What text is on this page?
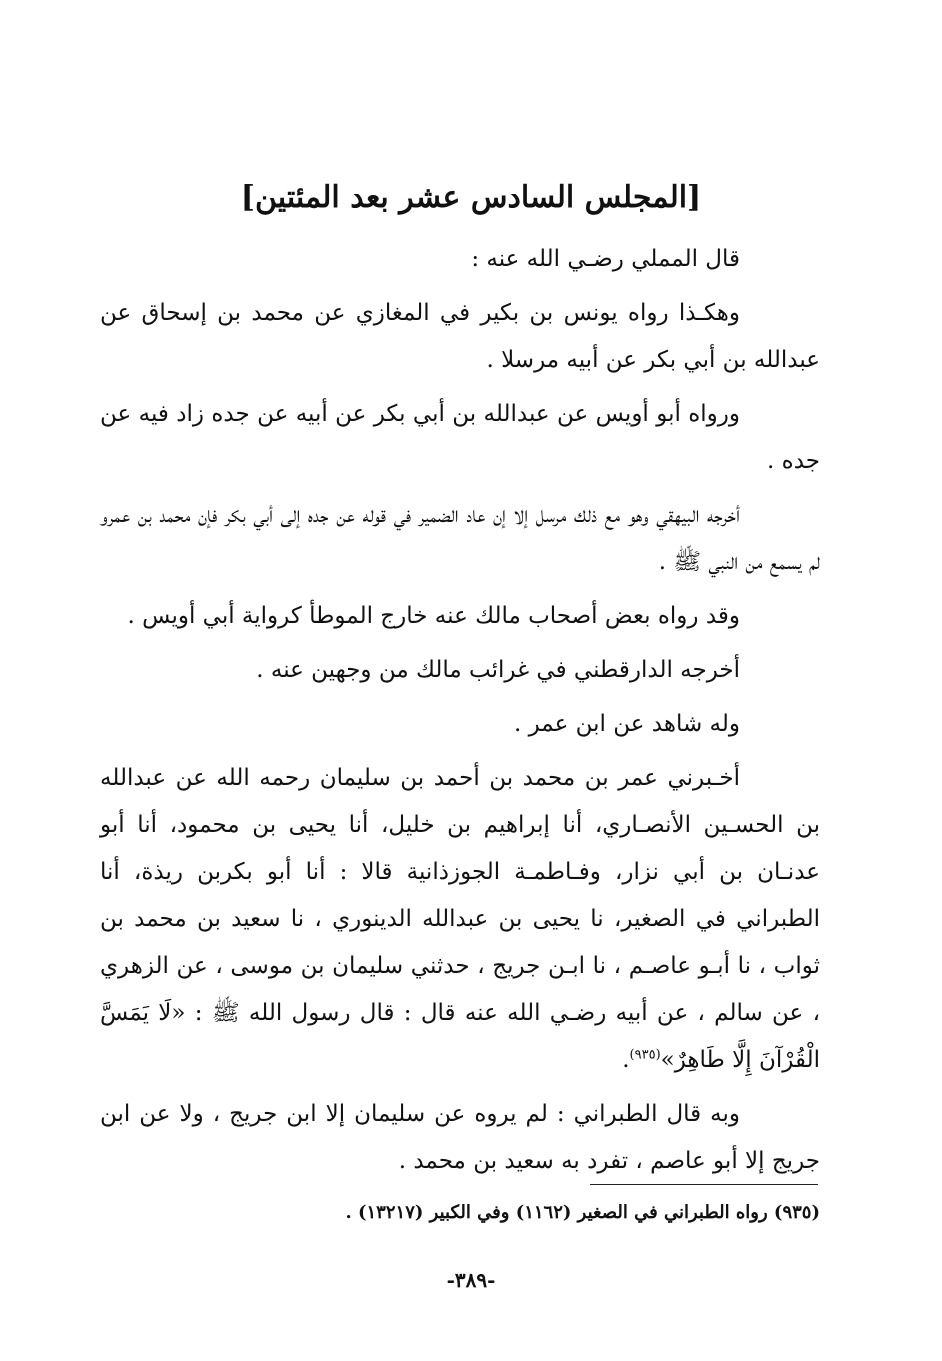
[المجلس السادس عشر بعد المئتين]

قال المملي رضـي الله عنه :

وهكـذا رواه يونس بن بكير في المغازي عن محمد بن إسحاق عن عبدالله بن أبي بكر عن أبيه مرسلا .

ورواه أبو أويس عن عبدالله بن أبي بكر عن أبيه عن جده زاد فيه عن جده .

أخرجه البيهقي وهو مع ذلك مرسل إلا إن عاد الضمير في قوله عن جده إلى أبي بكر فإن محمد بن عمرو لم يسمع من النبي ﷺ .

وقد رواه بعض أصحاب مالك عنه خارج الموطأ كرواية أبي أويس .

أخرجه الدارقطني في غرائب مالك من وجهين عنه .

وله شاهد عن ابن عمر .

أخـبرني عمر بن محمد بن أحمد بن سليمان رحمه الله عن عبدالله بن الحسـين الأنصـاري، أنا إبراهيم بن خليل، أنا يحيى بن محمود، أنا أبو عدنـان بن أبي نزار، وفـاطمـة الجوزذانية قالا : أنا أبو بكربن ريذة، أنا الطبراني في الصغير، نا يحيى بن عبدالله الدينوري ، نا سعيد بن محمد بن ثواب ، نا أبـو عاصـم ، نا ابـن جريج ، حدثني سليمان بن موسى ، عن الزهري ، عن سالم ، عن أبيه رضـي الله عنه قال : قال رسول الله ﷺ : «لَا يَمَسَّ الْقُرْآنَ إِلَّا طَاهِرٌ»$^{(٩٣٥)}$.

وبه قال الطبراني : لم يروه عن سليمان إلا ابن جريج ، ولا عن ابن جريج إلا أبو عاصم ، تفرد به سعيد بن محمد .

(٩٣٥) رواه الطبراني في الصغير (١١٦٢) وفي الكبير (١٣٢١٧) .
-٣٨٩-
